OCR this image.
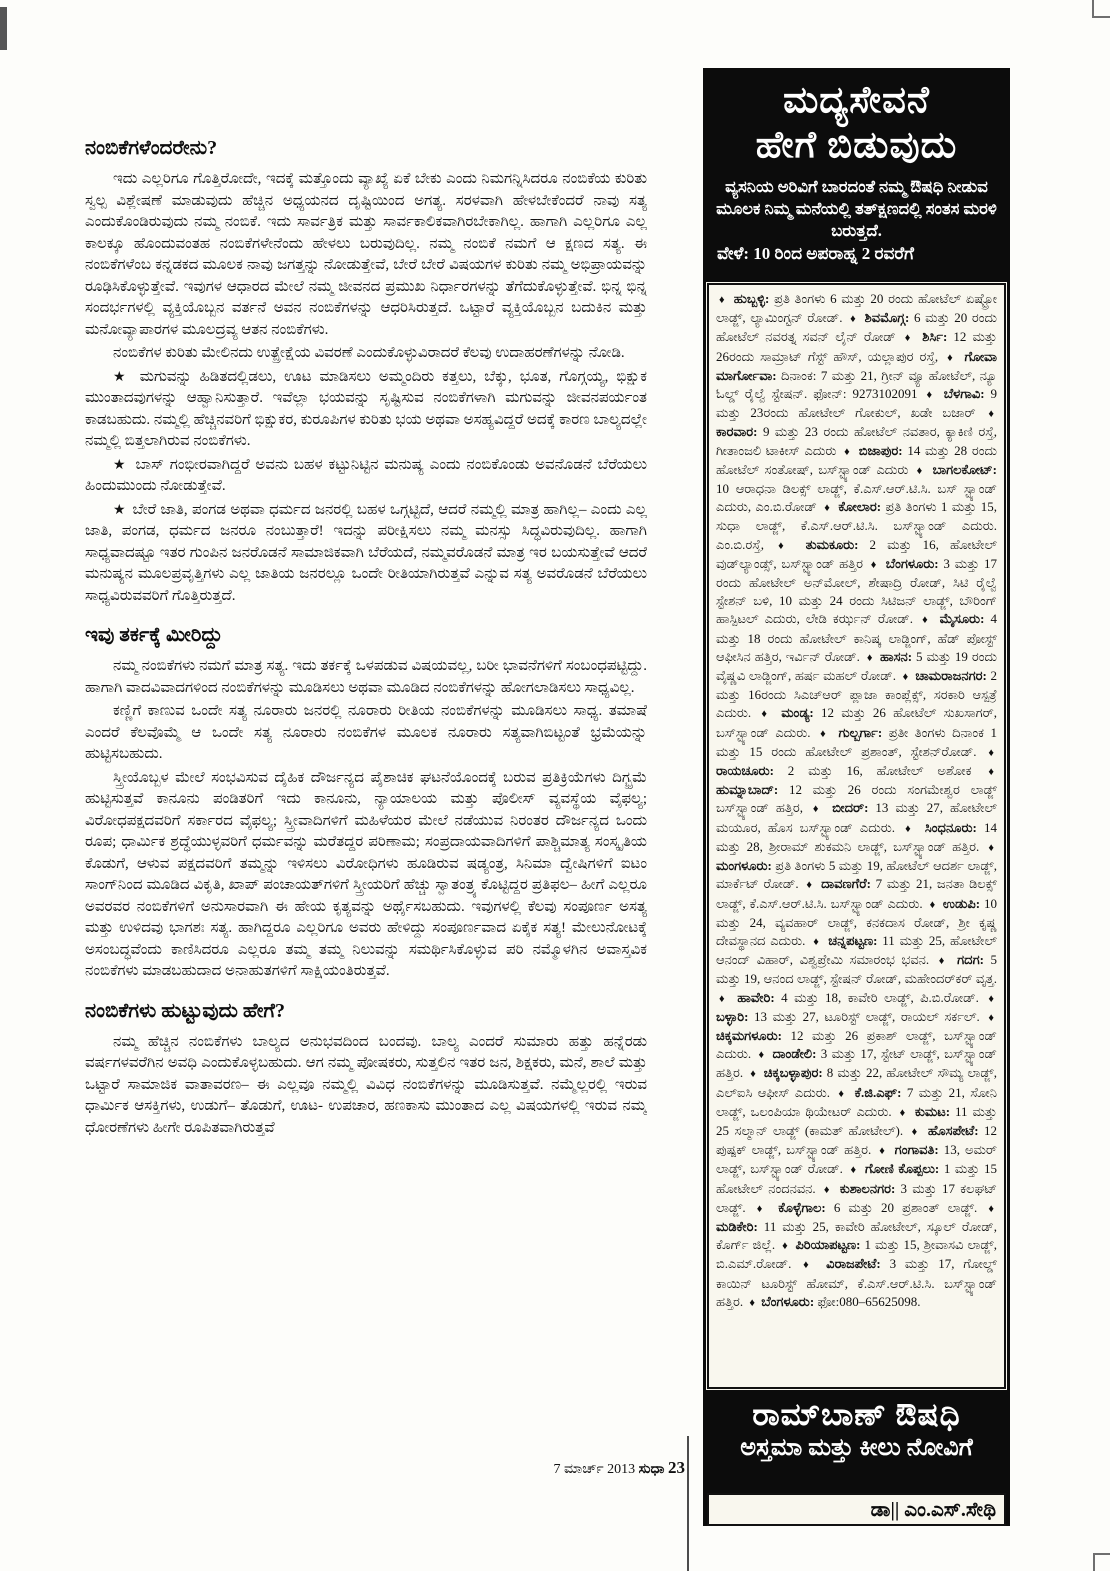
ನಂಬಿಕೆಗಳೆಂದರೇನು?

ಇದು ಎಲ್ಲರಿಗೂ ಗೊತ್ತಿರೋದೇ, ಇದಕ್ಕೆ ಮತ್ತೊಂದು ವ್ಯಾಖ್ಯೆ ಏಕೆ ಬೇಕು ಎಂದು ನಿಮಗನ್ನಿಸಿದರೂ ನಂಬಿಕೆಯ ಕುರಿತು ಸ್ವಲ್ಪ ವಿಶ್ಲೇಷಣೆ ಮಾಡುವುದು ಹೆಚ್ಚಿನ ಅಧ್ಯಯನದ ದೃಷ್ಟಿಯಿಂದ ಅಗತ್ಯ. ಸರಳವಾಗಿ ಹೇಳಬೇಕೆಂದರೆ ನಾವು ಸತ್ಯ ಎಂದುಕೊಂಡಿರುವುದು ನಮ್ಮ ನಂಬಿಕೆ. ಇದು ಸಾರ್ವತ್ರಿಕ ಮತ್ತು ಸಾರ್ವಕಾಲಿಕವಾಗಿರಬೇಕಾಗಿಲ್ಲ. ಹಾಗಾಗಿ ಎಲ್ಲರಿಗೂ ಎಲ್ಲ ಕಾಲಕ್ಕೂ ಹೊಂದುವಂತಹ ನಂಬಿಕೆಗಳೇನೆಂದು ಹೇಳಲು ಬರುವುದಿಲ್ಲ. ನಮ್ಮ ನಂಬಿಕೆ ನಮಗೆ ಆ ಕ್ಷಣದ ಸತ್ಯ. ಈ ನಂಬಿಕೆಗಳೆಂಬ ಕನ್ನಡಕದ ಮೂಲಕ ನಾವು ಜಗತ್ತನ್ನು ನೋಡುತ್ತೇವೆ, ಬೇರೆ ಬೇರೆ ವಿಷಯಗಳ ಕುರಿತು ನಮ್ಮ ಅಭಿಪ್ರಾಯವನ್ನು ರೂಢಿಸಿಕೊಳ್ಳುತ್ತೇವೆ. ಇವುಗಳ ಆಧಾರದ ಮೇಲೆ ನಮ್ಮ ಜೀವನದ ಪ್ರಮುಖ ನಿರ್ಧಾರಗಳನ್ನು ತೆಗೆದುಕೊಳ್ಳುತ್ತೇವೆ. ಭಿನ್ನ ಭಿನ್ನ ಸಂದರ್ಭಗಳಲ್ಲಿ ವ್ಯಕ್ತಿಯೊಬ್ಬನ ವರ್ತನೆ ಅವನ ನಂಬಿಕೆಗಳನ್ನು ಆಧರಿಸಿರುತ್ತದೆ. ಒಟ್ಟಾರೆ ವ್ಯಕ್ತಿಯೊಬ್ಬನ ಬದುಕಿನ ಮತ್ತು ಮನೋವ್ಯಾಪಾರಗಳ ಮೂಲದ್ರವ್ಯ ಆತನ ನಂಬಿಕೆಗಳು.

ನಂಬಿಕೆಗಳ ಕುರಿತು ಮೇಲಿನದು ಉತ್ಪ್ರೇಕ್ಷೆಯ ವಿವರಣೆ ಎಂದುಕೊಳ್ಳುವಿರಾದರೆ ಕೆಲವು ಉದಾಹರಣೆಗಳನ್ನು ನೋಡಿ.

★ ಮಗುವನ್ನು ಹಿಡಿತದಲ್ಲಿಡಲು, ಊಟ ಮಾಡಿಸಲು ಅಮ್ಮಂದಿರು ಕತ್ತಲು, ಬೆಕ್ಕು, ಭೂತ, ಗೊಗ್ಗಯ್ಯ, ಭಿಕ್ಷುಕ ಮುಂತಾದವುಗಳನ್ನು ಆಹ್ವಾನಿಸುತ್ತಾರೆ. ಇವೆಲ್ಲಾ ಭಯವನ್ನು ಸೃಷ್ಟಿಸುವ ನಂಬಿಕೆಗಳಾಗಿ ಮಗುವನ್ನು ಜೀವನಪರ್ಯಂತ ಕಾಡಬಹುದು. ನಮ್ಮಲ್ಲಿ ಹೆಚ್ಚಿನವರಿಗೆ ಭಿಕ್ಷುಕರ, ಕುರೂಪಿಗಳ ಕುರಿತು ಭಯ ಅಥವಾ ಅಸಹ್ಯವಿದ್ದರೆ ಅದಕ್ಕೆ ಕಾರಣ ಬಾಲ್ಯದಲ್ಲೇ ನಮ್ಮಲ್ಲಿ ಬಿತ್ತಲಾಗಿರುವ ನಂಬಿಕೆಗಳು.

★ ಬಾಸ್ ಗಂಭೀರವಾಗಿದ್ದರೆ ಅವನು ಬಹಳ ಕಟ್ಟುನಿಟ್ಟಿನ ಮನುಷ್ಯ ಎಂದು ನಂಬಿಕೊಂಡು ಅವನೊಡನೆ ಬೆರೆಯಲು ಹಿಂದುಮುಂದು ನೋಡುತ್ತೇವೆ.

★ ಬೇರೆ ಜಾತಿ, ಪಂಗಡ ಅಥವಾ ಧರ್ಮದ ಜನರಲ್ಲಿ ಬಹಳ ಒಗ್ಗಟ್ಟಿದೆ, ಆದರೆ ನಮ್ಮಲ್ಲಿ ಮಾತ್ರ ಹಾಗಿಲ್ಲ– ಎಂದು ಎಲ್ಲ ಜಾತಿ, ಪಂಗಡ, ಧರ್ಮದ ಜನರೂ ನಂಬುತ್ತಾರೆ! ಇದನ್ನು ಪರೀಕ್ಷಿಸಲು ನಮ್ಮ ಮನಸ್ಸು ಸಿದ್ಧವಿರುವುದಿಲ್ಲ. ಹಾಗಾಗಿ ಸಾಧ್ಯವಾದಷ್ಟೂ ಇತರ ಗುಂಪಿನ ಜನರೊಡನೆ ಸಾಮಾಜಿಕವಾಗಿ ಬೆರೆಯದೆ, ನಮ್ಮವರೊಡನೆ ಮಾತ್ರ ಇರ ಬಯಸುತ್ತೇವೆ ಆದರೆ ಮನುಷ್ಯನ ಮೂಲಪ್ರವೃತ್ತಿಗಳು ಎಲ್ಲ ಜಾತಿಯ ಜನರಲ್ಲೂ ಒಂದೇ ರೀತಿಯಾಗಿರುತ್ತವೆ ಎನ್ನುವ ಸತ್ಯ ಅವರೊಡನೆ ಬೆರೆಯಲು ಸಾಧ್ಯವಿರುವವರಿಗೆ ಗೊತ್ತಿರುತ್ತದೆ.

ಇವು ತರ್ಕಕ್ಕೆ ಮೀರಿದ್ದು

ನಮ್ಮ ನಂಬಿಕೆಗಳು ನಮಗೆ ಮಾತ್ರ ಸತ್ಯ. ಇದು ತರ್ಕಕ್ಕೆ ಒಳಪಡುವ ವಿಷಯವಲ್ಲ, ಬರೀ ಭಾವನೆಗಳಿಗೆ ಸಂಬಂಧಪಟ್ಟಿದ್ದು. ಹಾಗಾಗಿ ವಾದವಿವಾದಗಳಿಂದ ನಂಬಿಕೆಗಳನ್ನು ಮೂಡಿಸಲು ಅಥವಾ ಮೂಡಿದ ನಂಬಿಕೆಗಳನ್ನು ಹೋಗಲಾಡಿಸಲು ಸಾಧ್ಯವಿಲ್ಲ.

ಕಣ್ಣಿಗೆ ಕಾಣುವ ಒಂದೇ ಸತ್ಯ ನೂರಾರು ಜನರಲ್ಲಿ ನೂರಾರು ರೀತಿಯ ನಂಬಿಕೆಗಳನ್ನು ಮೂಡಿಸಲು ಸಾಧ್ಯ. ತಮಾಷೆ ಎಂದರೆ ಕೆಲವೊಮ್ಮೆ ಆ ಒಂದೇ ಸತ್ಯ ನೂರಾರು ನಂಬಿಕೆಗಳ ಮೂಲಕ ನೂರಾರು ಸತ್ಯವಾಗಿಬಿಟ್ಟಂತೆ ಭ್ರಮೆಯನ್ನು ಹುಟ್ಟಿಸಬಹುದು.

ಸ್ತ್ರೀಯೊಬ್ಬಳ ಮೇಲೆ ಸಂಭವಿಸುವ ದೈಹಿಕ ದೌರ್ಜನ್ಯದ ಪೈಶಾಚಿಕ ಘಟನೆಯೊಂದಕ್ಕೆ ಬರುವ ಪ್ರತಿಕ್ರಿಯೆಗಳು ದಿಗ್ಭ್ರಮೆ ಹುಟ್ಟಿಸುತ್ತವೆ ಕಾನೂನು ಪಂಡಿತರಿಗೆ ಇದು ಕಾನೂನು, ನ್ಯಾಯಾಲಯ ಮತ್ತು ಪೊಲೀಸ್ ವ್ಯವಸ್ಥೆಯ ವೈಫಲ್ಯ; ವಿರೋಧಪಕ್ಷದವರಿಗೆ ಸರ್ಕಾರದ ವೈಫಲ್ಯ; ಸ್ತ್ರೀವಾದಿಗಳಿಗೆ ಮಹಿಳೆಯರ ಮೇಲೆ ನಡೆಯುವ ನಿರಂತರ ದೌರ್ಜನ್ಯದ ಒಂದು ರೂಪ; ಧಾರ್ಮಿಕ ಶ್ರದ್ಧೆಯುಳ್ಳವರಿಗೆ ಧರ್ಮವನ್ನು ಮರೆತದ್ದರ ಪರಿಣಾಮ; ಸಂಪ್ರದಾಯವಾದಿಗಳಿಗೆ ಪಾಶ್ಚಿಮಾತ್ಯ ಸಂಸ್ಕೃತಿಯ ಕೊಡುಗೆ, ಆಳುವ ಪಕ್ಷದವರಿಗೆ ತಮ್ಮನ್ನು ಇಳಿಸಲು ವಿರೋಧಿಗಳು ಹೂಡಿರುವ ಷಡ್ಯಂತ್ರ, ಸಿನಿಮಾ ದ್ವೇಷಿಗಳಿಗೆ ಐಟಂ ಸಾಂಗ್‌ನಿಂದ ಮೂಡಿದ ವಿಕೃತಿ, ಖಾಪ್ ಪಂಚಾಯತ್‌ಗಳಿಗೆ ಸ್ತ್ರೀಯರಿಗೆ ಹೆಚ್ಚು ಸ್ವಾತಂತ್ರ್ಯ ಕೊಟ್ಟಿದ್ದರ ಪ್ರತಿಫಲ– ಹೀಗೆ ಎಲ್ಲರೂ ಅವರವರ ನಂಬಿಕೆಗಳಿಗೆ ಅನುಸಾರವಾಗಿ ಈ ಹೇಯ ಕೃತ್ಯವನ್ನು ಅರ್ಥೈಸಬಹುದು. ಇವುಗಳಲ್ಲಿ ಕೆಲವು ಸಂಪೂರ್ಣ ಅಸತ್ಯ ಮತ್ತು ಉಳಿದವು ಭಾಗಶಃ ಸತ್ಯ. ಹಾಗಿದ್ದರೂ ಎಲ್ಲರಿಗೂ ಅವರು ಹೇಳಿದ್ದು ಸಂಪೂರ್ಣವಾದ ಏಕೈಕ ಸತ್ಯ! ಮೇಲುನೋಟಕ್ಕೆ ಅಸಂಬದ್ಧವೆಂದು ಕಾಣಿಸಿದರೂ ಎಲ್ಲರೂ ತಮ್ಮ ತಮ್ಮ ನಿಲುವನ್ನು ಸಮರ್ಥಿಸಿಕೊಳ್ಳುವ ಪರಿ ನಮ್ಮೊಳಗಿನ ಅವಾಸ್ತವಿಕ ನಂಬಿಕೆಗಳು ಮಾಡಬಹುದಾದ ಅನಾಹುತಗಳಿಗೆ ಸಾಕ್ಷಿಯಂತಿರುತ್ತವೆ.

ನಂಬಿಕೆಗಳು ಹುಟ್ಟುವುದು ಹೇಗೆ?

ನಮ್ಮ ಹೆಚ್ಚಿನ ನಂಬಿಕೆಗಳು ಬಾಲ್ಯದ ಅನುಭವದಿಂದ ಬಂದವು. ಬಾಲ್ಯ ಎಂದರೆ ಸುಮಾರು ಹತ್ತು ಹನ್ನೆರಡು ವರ್ಷಗಳವರೆಗಿನ ಅವಧಿ ಎಂದುಕೊಳ್ಳಬಹುದು. ಆಗ ನಮ್ಮ ಪೋಷಕರು, ಸುತ್ತಲಿನ ಇತರ ಜನ, ಶಿಕ್ಷಕರು, ಮನೆ, ಶಾಲೆ ಮತ್ತು ಒಟ್ಟಾರೆ ಸಾಮಾಜಿಕ ವಾತಾವರಣ– ಈ ಎಲ್ಲವೂ ನಮ್ಮಲ್ಲಿ ವಿವಿಧ ನಂಬಿಕೆಗಳನ್ನು ಮೂಡಿಸುತ್ತವೆ. ನಮ್ಮೆಲ್ಲರಲ್ಲಿ ಇರುವ ಧಾರ್ಮಿಕ ಆಸಕ್ತಿಗಳು, ಉಡುಗೆ– ತೊಡುಗೆ, ಊಟ- ಉಪಚಾರ, ಹಣಕಾಸು ಮುಂತಾದ ಎಲ್ಲ ವಿಷಯಗಳಲ್ಲಿ ಇರುವ ನಮ್ಮ ಧೋರಣೆಗಳು ಹೀಗೇ ರೂಪಿತವಾಗಿರುತ್ತವೆ

7 ಮಾರ್ಚ್ 2013 ಸುಧಾ 23
ಮದ್ಯಸೇವನೆ
ಹೇಗೆ ಬಿಡುವುದು
ವ್ಯಸನಿಯ ಅರಿವಿಗೆ ಬಾರದಂತೆ ನಮ್ಮ ಔಷಧಿ ನೀಡುವ ಮೂಲಕ ನಿಮ್ಮ ಮನೆಯಲ್ಲಿ ತತ್‌ಕ್ಷಣದಲ್ಲಿ ಸಂತಸ ಮರಳಿ ಬರುತ್ತದೆ.
ವೇಳೆ: 10 ರಿಂದ ಅಪರಾಹ್ನ 2 ರವರೆಗೆ
♦ ಹುಬ್ಬಳ್ಳಿ: ಪ್ರತಿ ತಿಂಗಳು 6 ಮತ್ತು 20 ರಂದು ಹೋಟೆಲ್ ಏಷ್ಟ್ರೋ ಲಾಡ್ಜ್, ಲ್ಯಾಮಿಂಗ್ಟನ್ ರೋಡ್. ♦ ಶಿವಮೊಗ್ಗ: 6 ಮತ್ತು 20 ರಂದು ಹೋಟೆಲ್ ನವರತ್ನ ಸವನ್ ಲೈನ್ ರೋಡ್ ♦ ಶಿರ್ಸಿ: 12 ಮತ್ತು 26ರಂದು ಸಾಮ್ರಾಟ್ ಗೆಸ್ಟ್ ಹೌಸ್, ಯಲ್ಲಾಪುರ ರಸ್ತೆ, ♦ ಗೋವಾ ಮಾರ್ಗೋವಾ: ದಿನಾಂಕ: 7 ಮತ್ತು 21, ಗ್ರೀನ್ ವ್ಯೂ ಹೋಟೆಲ್, ನ್ಯೂ ಓಲ್ಡ್ ರೈಲ್ವೆ ಸ್ಟೇಷನ್. ಫೋನ್: 9273102091 ♦ ಬೆಳಗಾವಿ: 9 ಮತ್ತು 23ರಂದು ಹೋಟೇಲ್ ಗೋಕುಲ್, ಖಡೇ ಬಜಾರ್ ♦ ಕಾರವಾರ: 9 ಮತ್ತು 23 ರಂದು ಹೋಟೆಲ್ ನವತಾರ, ಕ್ಯಾಕಿಣಿ ರಸ್ತೆ, ಗೀತಾಂಜಲಿ ಟಾಕೀಸ್ ಎದುರು ♦ ಬಿಜಾಪುರ: 14 ಮತ್ತು 28 ರಂದು ಹೋಟೆಲ್ ಸಂತೋಷ್, ಬಸ್‌ಸ್ಟ್ಯಾಂಡ್ ಎದುರು ♦ ಬಾಗಲಕೋಟ್: 10 ಆರಾಧನಾ ಡಿಲಕ್ಸ್ ಲಾಡ್ಜ್, ಕೆ.ಎಸ್.ಆರ್.ಟಿ.ಸಿ. ಬಸ್ ಸ್ಟ್ಯಾಂಡ್ ಎದುರು, ಎಂ.ಬಿ.ರೋಡ್ ♦ ಕೋಲಾರ: ಪ್ರತಿ ತಿಂಗಳು 1 ಮತ್ತು 15, ಸುಧಾ ಲಾಡ್ಜ್, ಕೆ.ಎಸ್.ಆರ್.ಟಿ.ಸಿ. ಬಸ್‌ಸ್ಟ್ಯಾಂಡ್ ಎದುರು. ಎಂ.ಬಿ.ರಸ್ತೆ, ♦ ತುಮಕೂರು: 2 ಮತ್ತು 16, ಹೋಟೇಲ್ ವುಡ್‌ಲ್ಯಾಂಡ್ಸ್, ಬಸ್‌ಸ್ಟ್ಯಾಂಡ್ ಹತ್ತಿರ ♦ ಬೆಂಗಳೂರು: 3 ಮತ್ತು 17 ರಂದು ಹೋಟೇಲ್ ಅನ್‌ಮೋಲ್, ಶೇಷಾದ್ರಿ ರೋಡ್, ಸಿಟಿ ರೈಲ್ವೆ ಸ್ಟೇಶನ್ ಬಳಿ, 10 ಮತ್ತು 24 ರಂದು ಸಿಟಿಜನ್ ಲಾಡ್ಜ್, ಬೌರಿಂಗ್ ಹಾಸ್ಪಿಟಲ್ ಎದುರು, ಲೇಡಿ ಕರ್ಝನ್ ರೋಡ್. ♦ ಮೈಸೂರು: 4 ಮತ್ತು 18 ರಂದು ಹೋಟೇಲ್ ಕಾನಿಷ್ಕ ಲಾಡ್ಜಿಂಗ್, ಹೆಡ್ ಪೋಸ್ಟ್ ಆಫೀಸಿನ ಹತ್ತಿರ, ಇರ್ವಿನ್ ರೋಡ್. ♦ ಹಾಸನ: 5 ಮತ್ತು 19 ರಂದು ವೈಷ್ಣವಿ ಲಾಡ್ಜಿಂಗ್, ಹರ್ಷ ಮಹಲ್ ರೋಡ್. ♦ ಚಾಮರಾಜನಗರ: 2 ಮತ್ತು 16ರಂದು ಸಿಎಚ್‌ಆರ್ ಪ್ಲಾಜಾ ಕಾಂಪ್ಲೆಕ್ಸ್, ಸರಕಾರಿ ಆಸ್ಪತ್ರೆ ಎದುರು. ♦ ಮಂಡ್ಯ: 12 ಮತ್ತು 26 ಹೋಟೆಲ್ ಸುಖಸಾಗರ್, ಬಸ್‌ಸ್ಟ್ಯಾಂಡ್ ಎದುರು. ♦ ಗುಲ್ಬರ್ಗಾ: ಪ್ರತೀ ತಿಂಗಳು ದಿನಾಂಕ 1 ಮತ್ತು 15 ರಂದು ಹೋಟೇಲ್ ಪ್ರಶಾಂತ್, ಸ್ಟೇಶನ್‌ರೋಡ್. ♦ ರಾಯಚೂರು: 2 ಮತ್ತು 16, ಹೋಟೇಲ್ ಅಶೋಕ ♦ ಹುಮ್ನಾಬಾದ್: 12 ಮತ್ತು 26 ರಂದು ಸಂಗಮೇಶ್ವರ ಲಾಡ್ಜ್ ಬಸ್‌ಸ್ಟ್ಯಾಂಡ್ ಹತ್ತಿರ, ♦ ಬೀದರ್: 13 ಮತ್ತು 27, ಹೋಟೇಲ್ ಮಯೂರ, ಹೊಸ ಬಸ್‌ಸ್ಟ್ಯಾಂಡ್ ಎದುರು. ♦ ಸಿಂಧನೂರು: 14 ಮತ್ತು 28, ಶ್ರೀರಾಮ್ ಶುಕಮನಿ ಲಾಡ್ಜ್, ಬಸ್‌ಸ್ಟ್ಯಾಂಡ್ ಹತ್ತಿರ. ♦ ಮಂಗಳೂರು: ಪ್ರತಿ ತಿಂಗಳು 5 ಮತ್ತು 19, ಹೋಟೆಲ್ ಆದರ್ಶ ಲಾಡ್ಜ್, ಮಾರ್ಕೆಟ್ ರೋಡ್. ♦ ದಾವಣಗೆರೆ: 7 ಮತ್ತು 21, ಜನತಾ ಡಿಲಕ್ಸ್ ಲಾಡ್ಜ್, ಕೆ.ಎಸ್.ಆರ್.ಟಿ.ಸಿ. ಬಸ್‌ಸ್ಟ್ಯಾಂಡ್ ಎದುರು. ♦ ಉಡುಪಿ: 10 ಮತ್ತು 24, ವ್ಯವಹಾರ್ ಲಾಡ್ಜ್, ಕನಕದಾಸ ರೋಡ್, ಶ್ರೀ ಕೃಷ್ಣ ದೇವಸ್ಥಾನದ ಎದುರು. ♦ ಚನ್ನಪಟ್ಟಣ: 11 ಮತ್ತು 25, ಹೋಟೇಲ್ ಆನಂದ್ ವಿಹಾರ್, ವಿಶ್ವಪ್ರೇಮಿ ಸಮಾರಂಭ ಭವನ. ♦ ಗದಗ: 5 ಮತ್ತು 19, ಆನಂದ ಲಾಡ್ಜ್, ಸ್ಟೇಷನ್ ರೋಡ್, ಮಹೇಂದರ್‌ಕರ್ ವೃತ್ತ. ♦ ಹಾವೇರಿ: 4 ಮತ್ತು 18, ಕಾವೇರಿ ಲಾಡ್ಜ್, ಪಿ.ಬಿ.ರೋಡ್. ♦ ಬಳ್ಳಾರಿ: 13 ಮತ್ತು 27, ಟೂರಿಸ್ಟ್ ಲಾಡ್ಜ್, ರಾಯಲ್ ಸರ್ಕಲ್. ♦ ಚಿಕ್ಕಮಗಳೂರು: 12 ಮತ್ತು 26 ಪ್ರಕಾಶ್ ಲಾಡ್ಜ್, ಬಸ್‌ಸ್ಟ್ಯಾಂಡ್ ಎದುರು. ♦ ದಾಂಡೇಲಿ: 3 ಮತ್ತು 17, ಸ್ಟೇಟ್ ಲಾಡ್ಜ್, ಬಸ್‌ಸ್ಟ್ಯಾಂಡ್ ಹತ್ತಿರ. ♦ ಚಿಕ್ಕಬಳ್ಳಾಪುರ: 8 ಮತ್ತು 22, ಹೋಟೇಲ್ ಸೌಮ್ಯ ಲಾಡ್ಜ್, ಎಲ್‌ಐಸಿ ಆಫೀಸ್ ಎದುರು. ♦ ಕೆ.ಜಿ.ಎಫ್: 7 ಮತ್ತು 21, ಸೋನಿ ಲಾಡ್ಜ್, ಒಲಂಪಿಯಾ ಥಿಯೇಟರ್ ಎದುರು. ♦ ಕುಮಟ: 11 ಮತ್ತು 25 ಸಲ್ಮಾನ್ ಲಾಡ್ಜ್ (ಕಾಮತ್ ಹೋಟೇಲ್). ♦ ಹೊಸಪೇಟೆ: 12 ಪುಷ್ಪಕ್ ಲಾಡ್ಜ್, ಬಸ್‌ಸ್ಟ್ಯಾಂಡ್ ಹತ್ತಿರ. ♦ ಗಂಗಾವತಿ: 13, ಅಮರ್ ಲಾಡ್ಜ್, ಬಸ್‌ಸ್ಟ್ಯಾಂಡ್ ರೋಡ್. ♦ ಗೋಣಿ ಕೊಪ್ಪಲು: 1 ಮತ್ತು 15 ಹೋಟೇಲ್ ನಂದನವನ. ♦ ಕುಶಾಲನಗರ: 3 ಮತ್ತು 17 ಕಲಘಟ್ ಲಾಡ್ಜ್. ♦ ಕೊಳ್ಳೆಗಾಲ: 6 ಮತ್ತು 20 ಪ್ರಶಾಂತ್ ಲಾಡ್ಜ್. ♦ ಮಡಿಕೇರಿ: 11 ಮತ್ತು 25, ಕಾವೇರಿ ಹೋಟೇಲ್, ಸ್ಕೂಲ್ ರೋಡ್, ಕೊರ್ಗ್ ಜಿಲ್ಲೆ. ♦ ಪಿರಿಯಾಪಟ್ಟಣ: 1 ಮತ್ತು 15, ಶ್ರೀವಾಸವಿ ಲಾಡ್ಜ್, ಬಿ.ಎಮ್.ರೋಡ್. ♦ ವಿರಾಜಪೇಟೆ: 3 ಮತ್ತು 17, ಗೋಲ್ಡ್ ಕಾಯಿನ್ ಟೂರಿಸ್ಟ್ ಹೋಮ್, ಕೆ.ಎಸ್.ಆರ್.ಟಿ.ಸಿ. ಬಸ್‌ಸ್ಟ್ಯಾಂಡ್ ಹತ್ತಿರ. ♦ ಬೆಂಗಳೂರು: ಫೋ:080–65625098.
ರಾಮ್‌ಬಾಣ್ ಔಷಧಿ
ಅಸ್ತಮಾ ಮತ್ತು ಕೀಲು ನೋವಿಗೆ
ಡಾ|| ಎಂ.ಎಸ್.ಸೇಥಿ
